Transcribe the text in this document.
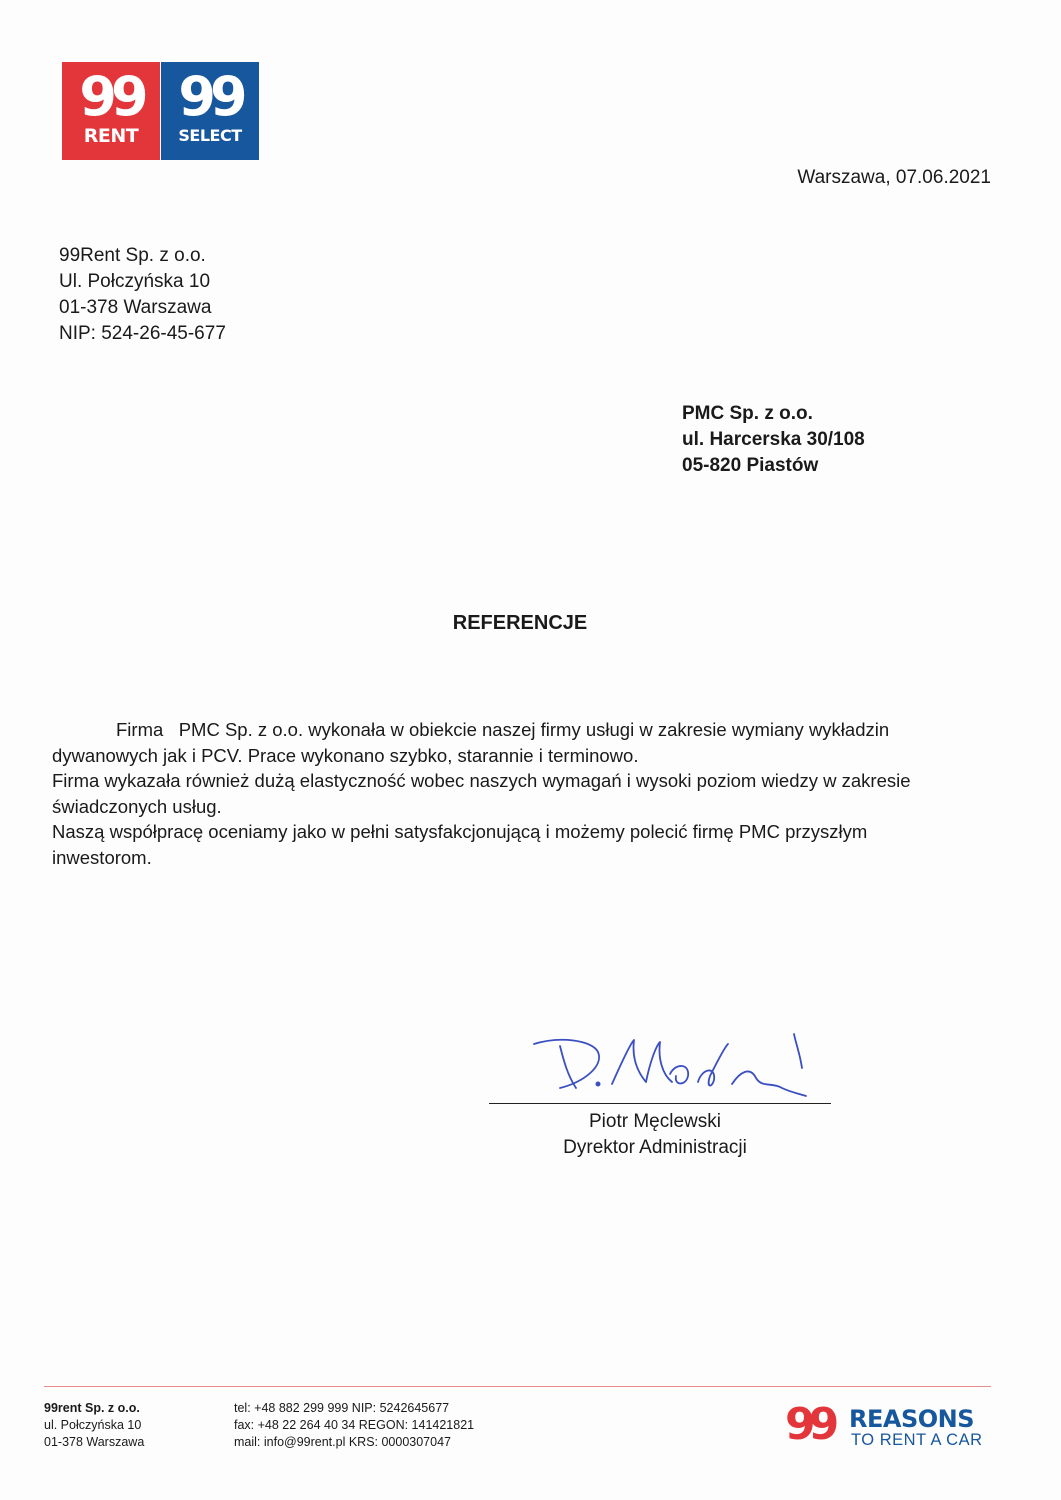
99
RENT
99
SELECT
Warszawa, 07.06.2021
99Rent Sp. z o.o.
Ul. Połczyńska 10
01-378 Warszawa
NIP: 524-26-45-677
PMC Sp. z o.o.
ul. Harcerska 30/108
05-820 Piastów
REFERENCJE

Firma   PMC Sp. z o.o. wykonała w obiekcie naszej firmy usługi w zakresie wymiany wykładzin

dywanowych jak i PCV. Prace wykonano szybko, starannie i terminowo.

Firma wykazała również dużą elastyczność wobec naszych wymagań i wysoki poziom wiedzy w zakresie

świadczonych usług.

Naszą współpracę oceniamy jako w pełni satysfakcjonującą i możemy polecić firmę PMC przyszłym

inwestorom.

Piotr Męclewski
Dyrektor Administracji
99rent Sp. z o.o.
ul. Połczyńska 10
01-378 Warszawa
tel: +48 882 299 999 NIP: 5242645677
fax: +48 22 264 40 34 REGON: 141421821
mail: info@99rent.pl KRS: 0000307047	99 REASONS
TO RENT A CAR
